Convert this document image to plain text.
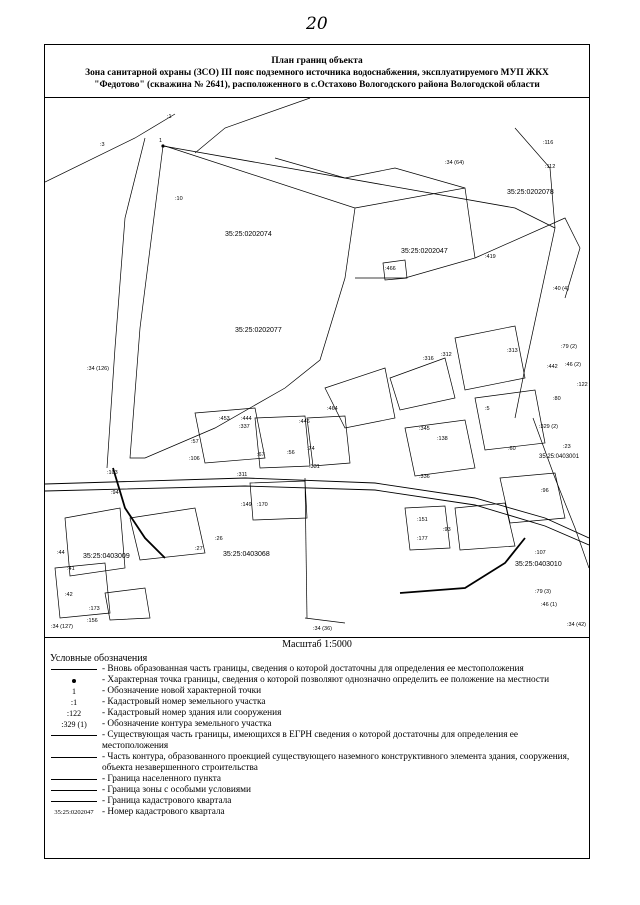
20
План границ объекта
Зона санитарной охраны (ЗСО) III пояс подземного источника водоснабжения, эксплуатируемого МУП ЖКХ
"Федотово" (скважина № 2641), расположенного в с.Остахово Вологодского района Вологодской области
1
35:25:0202074
35:25:0202077
35:25:0202047
35:25:0202078
35:25:0403068
35:25:0403009
35:25:0403010
35:25:0403001
:10
:34 (64)
:34 (126)
:34 (127)	:34 (36)
:34 (42)
:3
:1
:466
:419
:116
:112
:40 (4)
:316
:312
:313
:442
:79 (2)
:46 (2)
:122
:80
:444
:453
:337
:446
:57
:106
:67	:56
:74
:311
:331
:103
:94
:149 :170
:336
:138
:5
:60
:96
:151
:93
:177
:26
:27
:41
:44
:42
:173
:156
:79 (3)
:46 (1)
:107
:329 (2)
:23
:464
:345
Масштаб 1:5000
Условные обозначения
- Вновь образованная часть границы, сведения о которой достаточны для определения ее местоположения
- Характерная точка границы, сведения о которой позволяют однозначно определить ее положение на местности
1	- Обозначение новой характерной точки
:1	- Кадастровый номер земельного участка
:122	- Кадастровый номер здания или сооружения
:329 (1)	- Обозначение контура земельного участка
- Существующая часть границы, имеющихся в ЕГРН сведения о которой достаточны для определения ее местоположения
- Часть контура, образованного проекцией существующего наземного конструктивного элемента здания, сооружения, объекта незавершенного строительства
- Граница населенного пункта
- Граница зоны с особыми условиями
- Граница кадастрового квартала
35:25:0202047 - Номер кадастрового квартала
